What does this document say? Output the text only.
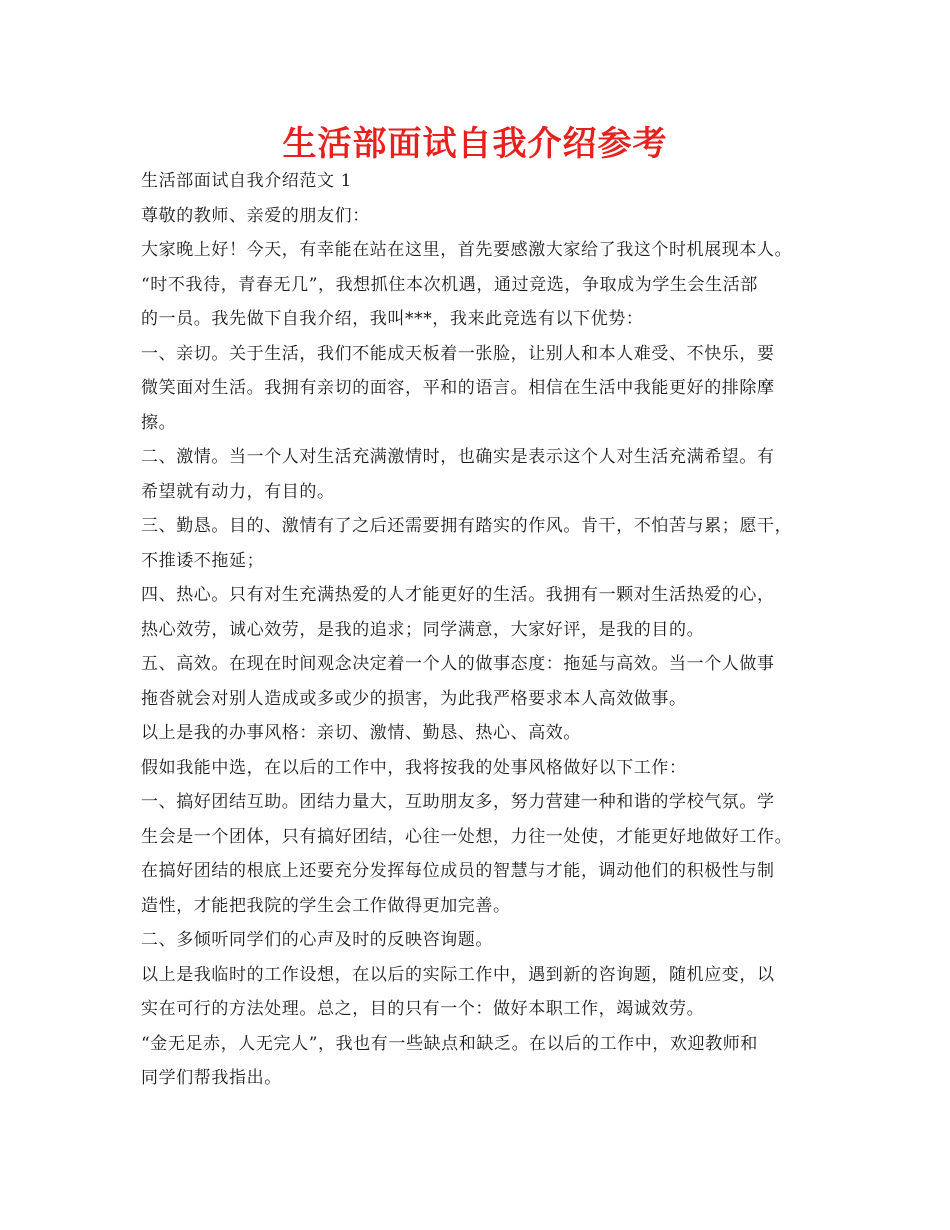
生活部面试自我介绍参考
生活部面试自我介绍范文 1
尊敬的教师、亲爱的朋友们：
大家晚上好！今天，有幸能在站在这里，首先要感激大家给了我这个时机展现本人。
“时不我待，青春无几”，我想抓住本次机遇，通过竞选，争取成为学生会生活部
的一员。我先做下自我介绍，我叫***，我来此竞选有以下优势：
一、亲切。关于生活，我们不能成天板着一张脸，让别人和本人难受、不快乐，要
微笑面对生活。我拥有亲切的面容，平和的语言。相信在生活中我能更好的排除摩
擦。
二、激情。当一个人对生活充满激情时，也确实是表示这个人对生活充满希望。有
希望就有动力，有目的。
三、勤恳。目的、激情有了之后还需要拥有踏实的作风。肯干，不怕苦与累；愿干，
不推诿不拖延；
四、热心。只有对生充满热爱的人才能更好的生活。我拥有一颗对生活热爱的心，
热心效劳，诚心效劳，是我的追求；同学满意，大家好评，是我的目的。
五、高效。在现在时间观念决定着一个人的做事态度：拖延与高效。当一个人做事
拖沓就会对别人造成或多或少的损害，为此我严格要求本人高效做事。
以上是我的办事风格：亲切、激情、勤恳、热心、高效。
假如我能中选，在以后的工作中，我将按我的处事风格做好以下工作：
一、搞好团结互助。团结力量大，互助朋友多，努力营建一种和谐的学校气氛。学
生会是一个团体，只有搞好团结，心往一处想，力往一处使，才能更好地做好工作。
在搞好团结的根底上还要充分发挥每位成员的智慧与才能，调动他们的积极性与制
造性，才能把我院的学生会工作做得更加完善。
二、多倾听同学们的心声及时的反映咨询题。
以上是我临时的工作设想，在以后的实际工作中，遇到新的咨询题，随机应变，以
实在可行的方法处理。总之，目的只有一个：做好本职工作，竭诚效劳。
“金无足赤，人无完人”，我也有一些缺点和缺乏。在以后的工作中，欢迎教师和
同学们帮我指出。
